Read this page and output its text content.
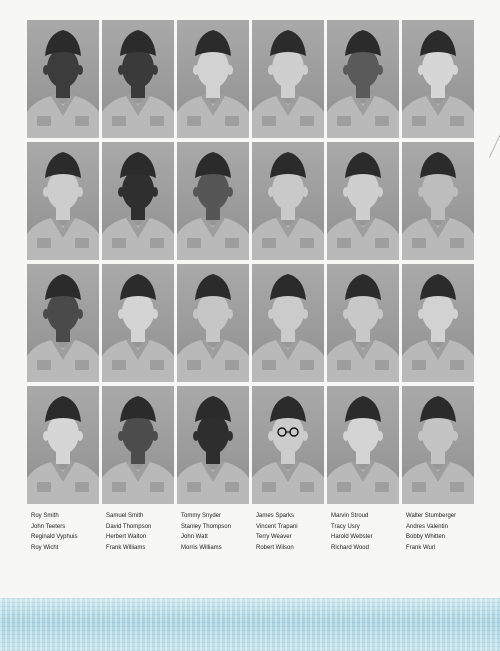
Roy Smith
John Teeters
Reginald Vyphuis
Roy Wicht
Samuel Smith
David Thompson
Herbert Walton
Frank Williams
Tommy Snyder
Stanley Thompson
John Watt
Morris Williams
James Sparks
Vincent Trapani
Terry Weaver
Robert Wilson
Marvin Stroud
Tracy Usry
Harold Webster
Richard Wood
Walter Stumberger
Andres Valentin
Bobby Whitten
Frank Wurl
